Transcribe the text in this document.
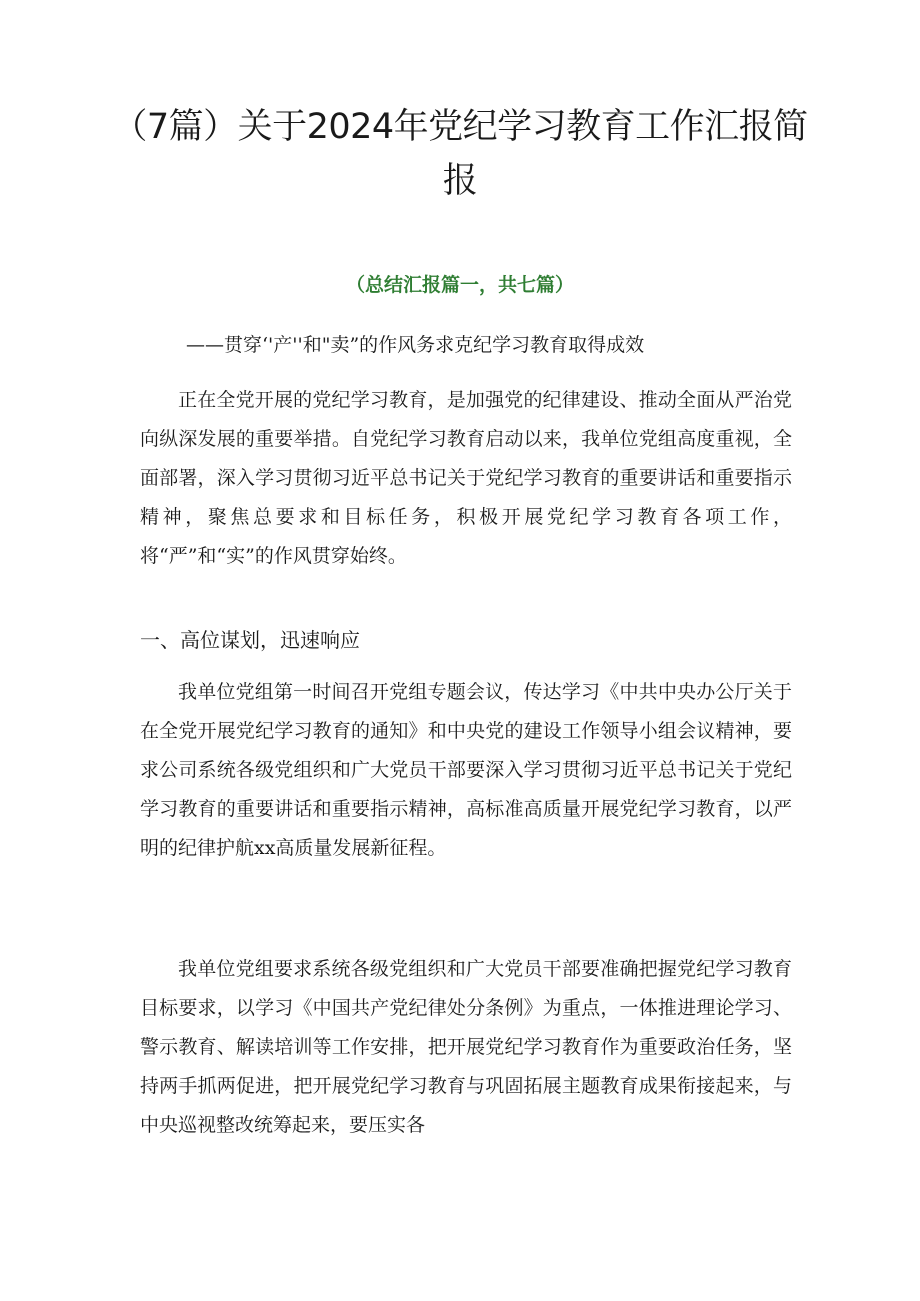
（7篇）关于2024年党纪学习教育工作汇报简报
（总结汇报篇一，共七篇）
——贯穿‘'产''和"卖”的作风务求克纪学习教育取得成效

正在全党开展的党纪学习教育，是加强党的纪律建设、推动全面从严治党向纵深发展的重要举措。自党纪学习教育启动以来，我单位党组高度重视，全面部署，深入学习贯彻习近平总书记关于党纪学习教育的重要讲话和重要指示精神，聚焦总要求和目标任务，积极开展党纪学习教育各项工作，将“严”和“实”的作风贯穿始终。

一、高位谋划，迅速响应

我单位党组第一时间召开党组专题会议，传达学习《中共中央办公厅关于在全党开展党纪学习教育的通知》和中央党的建设工作领导小组会议精神，要求公司系统各级党组织和广大党员干部要深入学习贯彻习近平总书记关于党纪学习教育的重要讲话和重要指示精神，高标准高质量开展党纪学习教育，以严明的纪律护航xx高质量发展新征程。

我单位党组要求系统各级党组织和广大党员干部要准确把握党纪学习教育目标要求，以学习《中国共产党纪律处分条例》为重点，一体推进理论学习、警示教育、解读培训等工作安排，把开展党纪学习教育作为重要政治任务，坚持两手抓两促进，把开展党纪学习教育与巩固拓展主题教育成果衔接起来，与中央巡视整改统筹起来，要压实各
